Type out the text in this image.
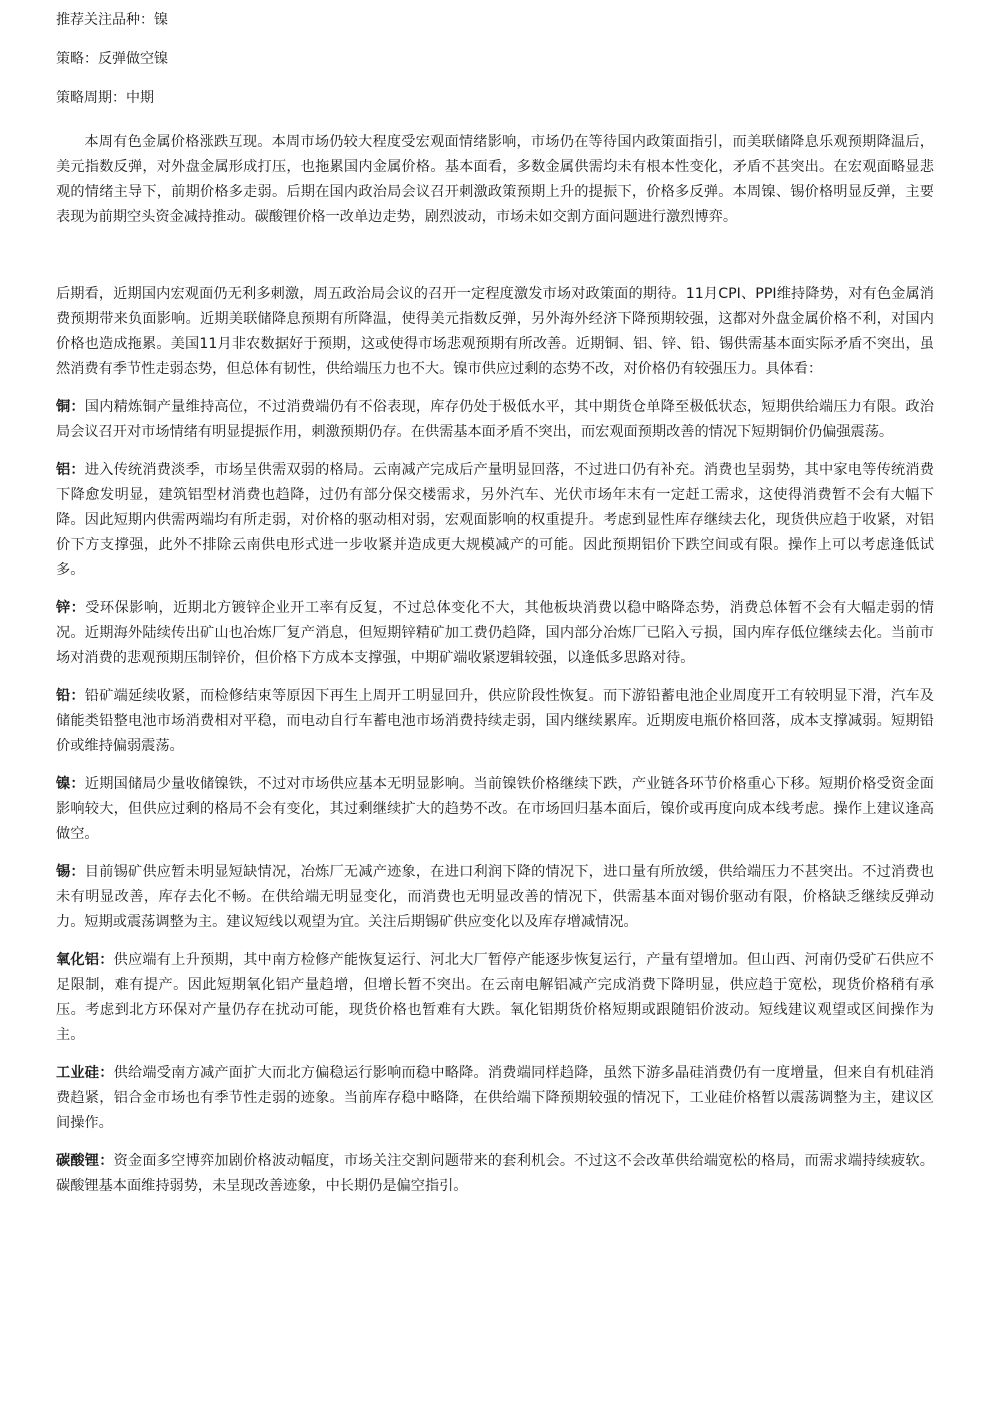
推荐关注品种：镍

策略：反弹做空镍

策略周期：中期

本周有色金属价格涨跌互现。本周市场仍较大程度受宏观面情绪影响，市场仍在等待国内政策面指引，而美联储降息乐观预期降温后，美元指数反弹，对外盘金属形成打压，也拖累国内金属价格。基本面看，多数金属供需均未有根本性变化，矛盾不甚突出。在宏观面略显悲观的情绪主导下，前期价格多走弱。后期在国内政治局会议召开刺激政策预期上升的提振下，价格多反弹。本周镍、锡价格明显反弹，主要表现为前期空头资金减持推动。碳酸锂价格一改单边走势，剧烈波动，市场未如交割方面问题进行激烈博弈。

后期看，近期国内宏观面仍无利多刺激，周五政治局会议的召开一定程度激发市场对政策面的期待。11月CPI、PPI维持降势，对有色金属消费预期带来负面影响。近期美联储降息预期有所降温，使得美元指数反弹，另外海外经济下降预期较强，这都对外盘金属价格不利，对国内价格也造成拖累。美国11月非农数据好于预期，这或使得市场悲观预期有所改善。近期铜、铝、锌、铅、锡供需基本面实际矛盾不突出，虽然消费有季节性走弱态势，但总体有韧性，供给端压力也不大。镍市供应过剩的态势不改，对价格仍有较强压力。具体看：

铜：国内精炼铜产量维持高位，不过消费端仍有不俗表现，库存仍处于极低水平，其中期货仓单降至极低状态，短期供给端压力有限。政治局会议召开对市场情绪有明显提振作用，刺激预期仍存。在供需基本面矛盾不突出，而宏观面预期改善的情况下短期铜价仍偏强震荡。

铝：进入传统消费淡季，市场呈供需双弱的格局。云南减产完成后产量明显回落，不过进口仍有补充。消费也呈弱势，其中家电等传统消费下降愈发明显，建筑铝型材消费也趋降，过仍有部分保交楼需求，另外汽车、光伏市场年末有一定赶工需求，这使得消费暂不会有大幅下降。因此短期内供需两端均有所走弱，对价格的驱动相对弱，宏观面影响的权重提升。考虑到显性库存继续去化，现货供应趋于收紧，对铝价下方支撑强，此外不排除云南供电形式进一步收紧并造成更大规模减产的可能。因此预期铝价下跌空间或有限。操作上可以考虑逢低试多。

锌：受环保影响，近期北方镀锌企业开工率有反复，不过总体变化不大，其他板块消费以稳中略降态势，消费总体暂不会有大幅走弱的情况。近期海外陆续传出矿山也冶炼厂复产消息，但短期锌精矿加工费仍趋降，国内部分冶炼厂已陷入亏损，国内库存低位继续去化。当前市场对消费的悲观预期压制锌价，但价格下方成本支撑强，中期矿端收紧逻辑较强，以逢低多思路对待。

铅：铅矿端延续收紧，而检修结束等原因下再生上周开工明显回升，供应阶段性恢复。而下游铅蓄电池企业周度开工有较明显下滑，汽车及储能类铅整电池市场消费相对平稳，而电动自行车蓄电池市场消费持续走弱，国内继续累库。近期废电瓶价格回落，成本支撑减弱。短期铅价或维持偏弱震荡。

镍：近期国储局少量收储镍铁，不过对市场供应基本无明显影响。当前镍铁价格继续下跌，产业链各环节价格重心下移。短期价格受资金面影响较大，但供应过剩的格局不会有变化，其过剩继续扩大的趋势不改。在市场回归基本面后，镍价或再度向成本线考虑。操作上建议逢高做空。

锡：目前锡矿供应暂未明显短缺情况，冶炼厂无减产迹象，在进口利润下降的情况下，进口量有所放缓，供给端压力不甚突出。不过消费也未有明显改善，库存去化不畅。在供给端无明显变化，而消费也无明显改善的情况下，供需基本面对锡价驱动有限，价格缺乏继续反弹动力。短期或震荡调整为主。建议短线以观望为宜。关注后期锡矿供应变化以及库存增减情况。

氧化铝：供应端有上升预期，其中南方检修产能恢复运行、河北大厂暂停产能逐步恢复运行，产量有望增加。但山西、河南仍受矿石供应不足限制，难有提产。因此短期氧化铝产量趋增，但增长暂不突出。在云南电解铝减产完成消费下降明显，供应趋于宽松，现货价格稍有承压。考虑到北方环保对产量仍存在扰动可能，现货价格也暂难有大跌。氧化铝期货价格短期或跟随铝价波动。短线建议观望或区间操作为主。

工业硅：供给端受南方减产面扩大而北方偏稳运行影响而稳中略降。消费端同样趋降，虽然下游多晶硅消费仍有一度增量，但来自有机硅消费趋紧，铝合金市场也有季节性走弱的迹象。当前库存稳中略降，在供给端下降预期较强的情况下，工业硅价格暂以震荡调整为主，建议区间操作。

碳酸锂：资金面多空博弈加剧价格波动幅度，市场关注交割问题带来的套利机会。不过这不会改革供给端宽松的格局，而需求端持续疲软。碳酸锂基本面维持弱势，未呈现改善迹象，中长期仍是偏空指引。
